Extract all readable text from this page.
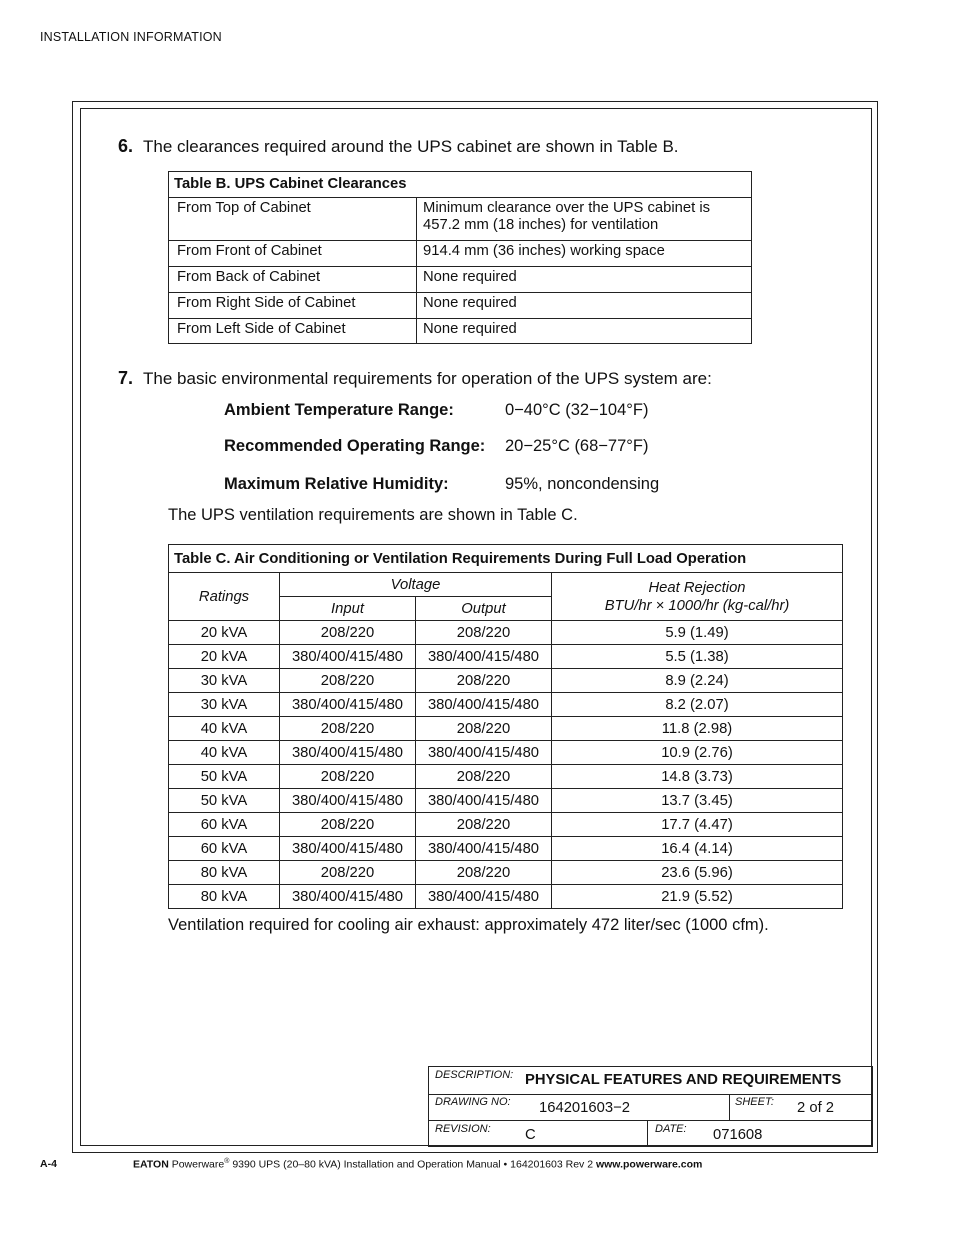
INSTALLATION INFORMATION
6. The clearances required around the UPS cabinet are shown in Table B.
Table B. UPS Cabinet Clearances	
From Top of Cabinet	Minimum clearance over the UPS cabinet is
457.2 mm (18 inches) for ventilation

From Front of Cabinet	914.4 mm (36 inches) working space
From Back of Cabinet	None required
From Right Side of Cabinet	None required
From Left Side of Cabinet	None required
7. The basic environmental requirements for operation of the UPS system are:
Ambient Temperature Range:	0−40°C (32−104°F)
Recommended Operating Range: 20−25°C (68−77°F)
Maximum Relative Humidity:	95%, noncondensing
The UPS ventilation requirements are shown in Table C.
Table C. Air Conditioning or Ventilation Requirements During Full Load Operation			
Ratings	Voltage		Heat Rejection
BTU/hr × 1000/hr (kg-cal/hr)

	Input	Output	
20 kVA	208/220	208/220	5.9 (1.49)
20 kVA	380/400/415/480	380/400/415/480	5.5 (1.38)
30 kVA	208/220	208/220	8.9 (2.24)
30 kVA	380/400/415/480	380/400/415/480	8.2 (2.07)
40 kVA	208/220	208/220	11.8 (2.98)
40 kVA	380/400/415/480	380/400/415/480	10.9 (2.76)
50 kVA	208/220	208/220	14.8 (3.73)
50 kVA	380/400/415/480	380/400/415/480	13.7 (3.45)
60 kVA	208/220	208/220	17.7 (4.47)
60 kVA	380/400/415/480	380/400/415/480	16.4 (4.14)
80 kVA	208/220	208/220	23.6 (5.96)
80 kVA	380/400/415/480	380/400/415/480	21.9 (5.52)
Ventilation required for cooling air exhaust: approximately 472 liter/sec (1000 cfm).
DESCRIPTION: PHYSICAL FEATURES AND REQUIREMENTS
DRAWING NO: 164201603−2	SHEET: 2 of 2
REVISION: C	DATE: 071608
A-4	EATON Powerware® 9390 UPS (20–80 kVA) Installation and Operation Manual • 164201603 Rev 2 www.powerware.com
